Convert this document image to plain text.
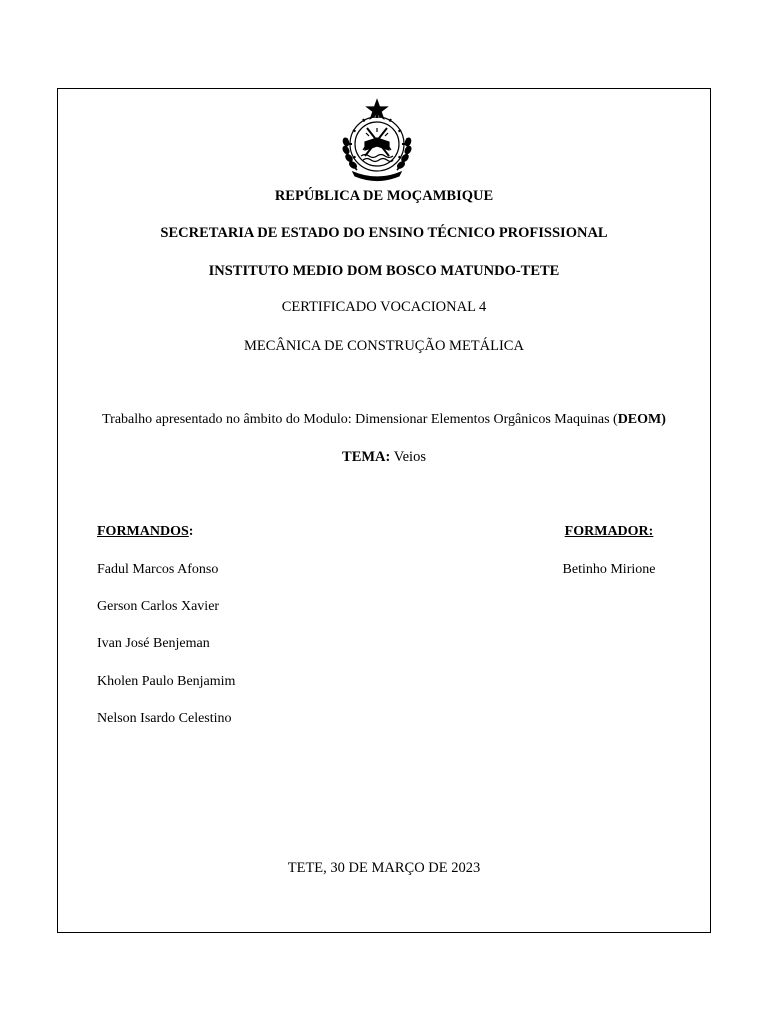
REPÚBLICA DE MOÇAMBIQUE
SECRETARIA DE ESTADO DO ENSINO TÉCNICO PROFISSIONAL
INSTITUTO MEDIO DOM BOSCO MATUNDO-TETE
CERTIFICADO VOCACIONAL 4
MECÂNICA DE CONSTRUÇÃO METÁLICA
Trabalho apresentado no âmbito do Modulo: Dimensionar Elementos Orgânicos Maquinas (DEOM)
TEMA: Veios
FORMANDOS:
Fadul Marcos Afonso
Gerson Carlos Xavier
Ivan José Benjeman
Kholen Paulo Benjamim
Nelson Isardo Celestino
FORMADOR:
Betinho Mirione
TETE, 30 DE MARÇO DE 2023
